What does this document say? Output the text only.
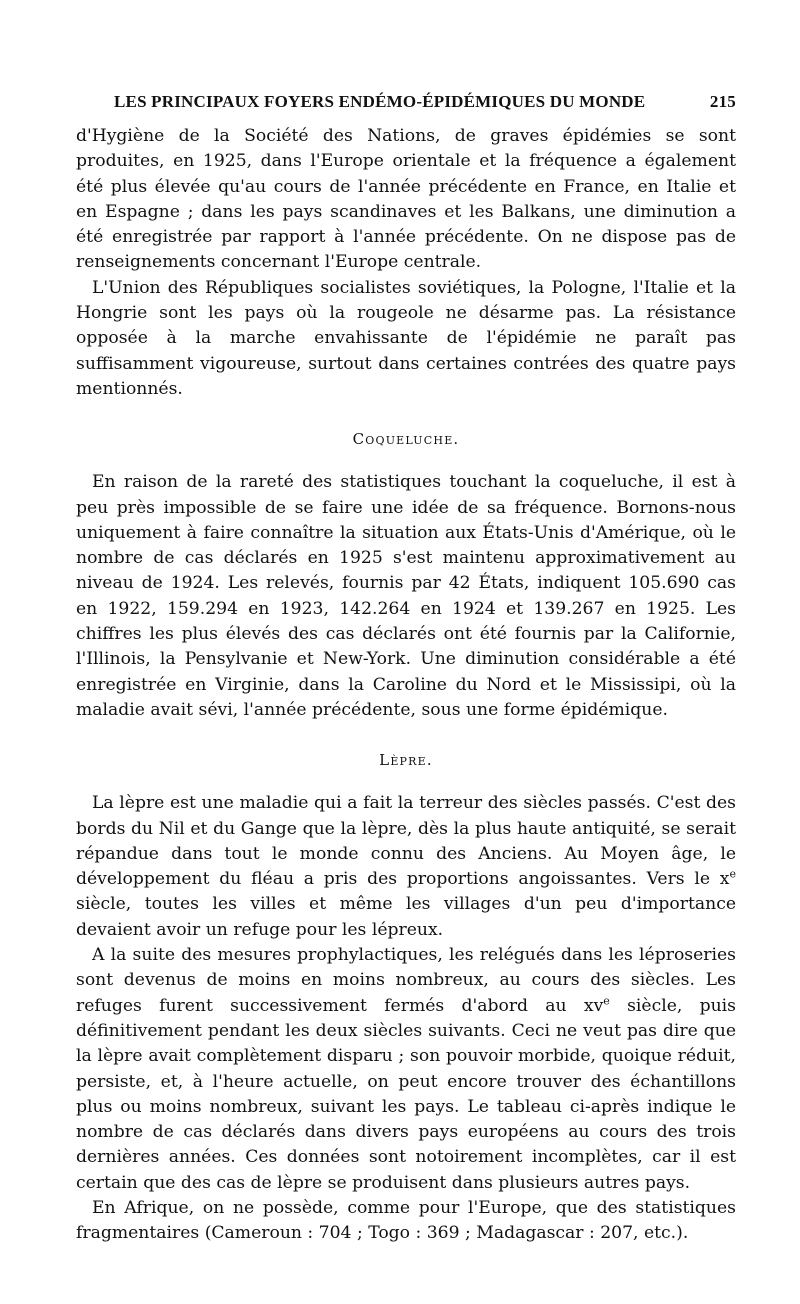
LES PRINCIPAUX FOYERS ENDÉMO-ÉPIDÉMIQUES DU MONDE	215

d'Hygiène de la Société des Nations, de graves épidémies se sont produites, en 1925, dans l'Europe orientale et la fréquence a également été plus élevée qu'au cours de l'année précédente en France, en Italie et en Espagne ; dans les pays scandinaves et les Balkans, une diminution a été enregistrée par rapport à l'année précédente. On ne dispose pas de renseignements concernant l'Europe centrale.

L'Union des Républiques socialistes soviétiques, la Pologne, l'Italie et la Hongrie sont les pays où la rougeole ne désarme pas. La résistance opposée à la marche envahissante de l'épidémie ne paraît pas suffisamment vigoureuse, surtout dans certaines contrées des quatre pays mentionnés.

Coqueluche.

En raison de la rareté des statistiques touchant la coqueluche, il est à peu près impossible de se faire une idée de sa fréquence. Bornons-nous uniquement à faire connaître la situation aux États-Unis d'Amérique, où le nombre de cas déclarés en 1925 s'est maintenu approximativement au niveau de 1924. Les relevés, fournis par 42 États, indiquent 105.690 cas en 1922, 159.294 en 1923, 142.264 en 1924 et 139.267 en 1925. Les chiffres les plus élevés des cas déclarés ont été fournis par la Californie, l'Illinois, la Pensylvanie et New-York. Une diminution considérable a été enregistrée en Virginie, dans la Caroline du Nord et le Mississipi, où la maladie avait sévi, l'année précédente, sous une forme épidémique.

Lèpre.

La lèpre est une maladie qui a fait la terreur des siècles passés. C'est des bords du Nil et du Gange que la lèpre, dès la plus haute antiquité, se serait répandue dans tout le monde connu des Anciens. Au Moyen âge, le développement du fléau a pris des proportions angoissantes. Vers le $x^e$ siècle, toutes les villes et même les villages d'un peu d'importance devaient avoir un refuge pour les lépreux.

A la suite des mesures prophylactiques, les relégués dans les léproseries sont devenus de moins en moins nombreux, au cours des siècles. Les refuges furent successivement fermés d'abord au $xv^e$ siècle, puis définitivement pendant les deux siècles suivants. Ceci ne veut pas dire que la lèpre avait complètement disparu ; son pouvoir morbide, quoique réduit, persiste, et, à l'heure actuelle, on peut encore trouver des échantillons plus ou moins nombreux, suivant les pays. Le tableau ci-après indique le nombre de cas déclarés dans divers pays européens au cours des trois dernières années. Ces données sont notoirement incomplètes, car il est certain que des cas de lèpre se produisent dans plusieurs autres pays.

En Afrique, on ne possède, comme pour l'Europe, que des statistiques fragmentaires (Cameroun : 704 ; Togo : 369 ; Madagascar : 207, etc.).
